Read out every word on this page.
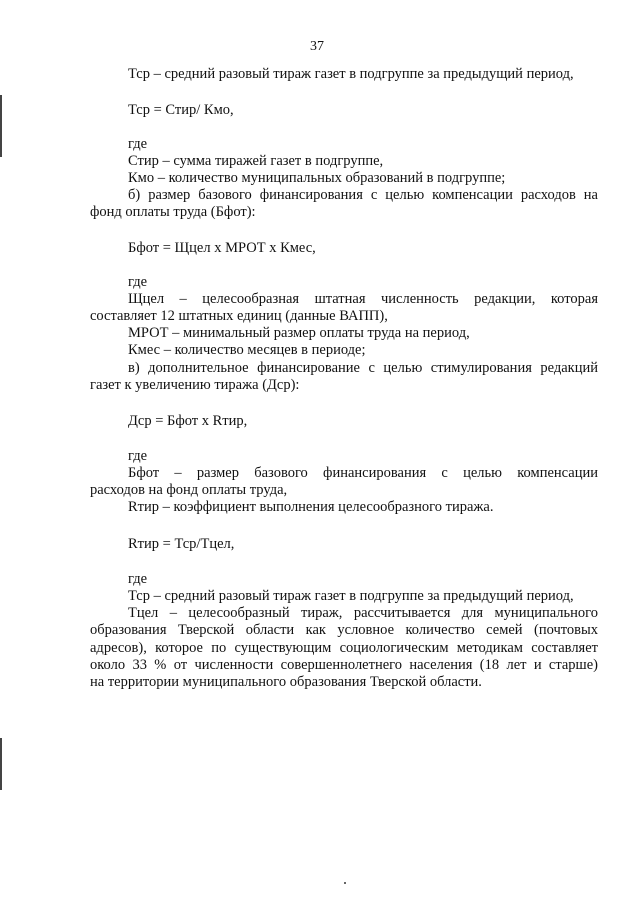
37

Тср – средний разовый тираж газет в подгруппе за предыдущий период,

Тср = Стир/ Кмо,

где

Стир – сумма тиражей газет в подгруппе,

Кмо – количество муниципальных образований в подгруппе;

б) размер базового финансирования с целью компенсации расходов на

фонд оплаты труда (Бфот):

Бфот = Щцел х МРОТ х Кмес,

где

Щцел – целесообразная штатная численность редакции, которая

составляет 12 штатных единиц (данные ВАПП),

МРОТ – минимальный размер оплаты труда на период,

Кмес – количество месяцев в периоде;

в) дополнительное финансирование с целью стимулирования редакций

газет к увеличению тиража (Дср):

Дср = Бфот х Rтир,

где

Бфот – размер базового финансирования с целью компенсации

расходов на фонд оплаты труда,

Rтир – коэффициент выполнения целесообразного тиража.

Rтир = Тср/Тцел,

где

Тср – средний разовый тираж газет в подгруппе за предыдущий период,

Тцел – целесообразный тираж, рассчитывается для муниципального

образования Тверской области как условное количество семей (почтовых

адресов), которое по существующим социологическим методикам составляет

около 33 % от численности совершеннолетнего населения (18 лет и старше)

на территории муниципального образования Тверской области.
